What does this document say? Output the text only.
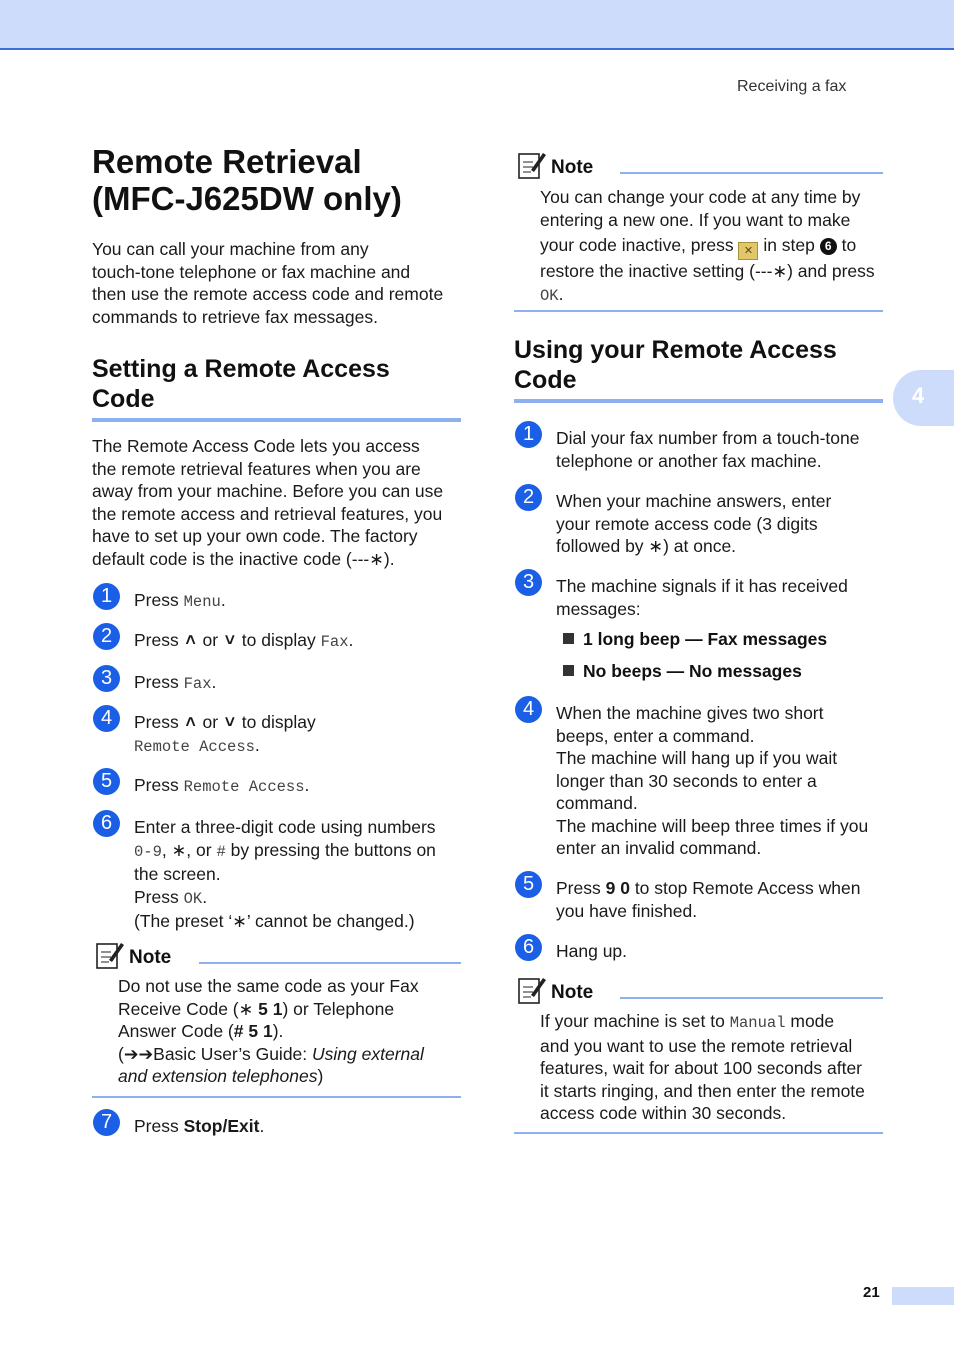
Receiving a fax
4
Remote Retrieval
(MFC-J625DW only)
You can call your machine from any
touch-tone telephone or fax machine and
then use the remote access code and remote
commands to retrieve fax messages.
Setting a Remote Access
Code
The Remote Access Code lets you access
the remote retrieval features when you are
away from your machine. Before you can use
the remote access and retrieval features, you
have to set up your own code. The factory
default code is the inactive code (---∗).
1	Press Menu.
2	Press ˄ or ˅ to display Fax.
3	Press Fax.
4	Press ˄ or ˅ to display
Remote Access.
5	Press Remote Access.
6	Enter a three-digit code using numbers
0-9, ∗, or # by pressing the buttons on
the screen.
Press OK.
(The preset ‘∗’ cannot be changed.)
Note
Do not use the same code as your Fax
Receive Code (∗ 5 1) or Telephone
Answer Code (# 5 1).
(➔➔Basic User’s Guide: Using external
and extension telephones)
7	Press Stop/Exit.
Note
You can change your code at any time by
entering a new one. If you want to make
your code inactive, press ✕ in step 6 to
restore the inactive setting (---∗) and press
OK.
Using your Remote Access
Code
1	Dial your fax number from a touch-tone
telephone or another fax machine.
2	When your machine answers, enter
your remote access code (3 digits
followed by ∗) at once.
3	The machine signals if it has received
messages:
1 long beep — Fax messages
No beeps — No messages
4	When the machine gives two short
beeps, enter a command.
The machine will hang up if you wait
longer than 30 seconds to enter a
command.
The machine will beep three times if you
enter an invalid command.
5	Press 9 0 to stop Remote Access when
you have finished.
6	Hang up.
Note
If your machine is set to Manual mode
and you want to use the remote retrieval
features, wait for about 100 seconds after
it starts ringing, and then enter the remote
access code within 30 seconds.
21
